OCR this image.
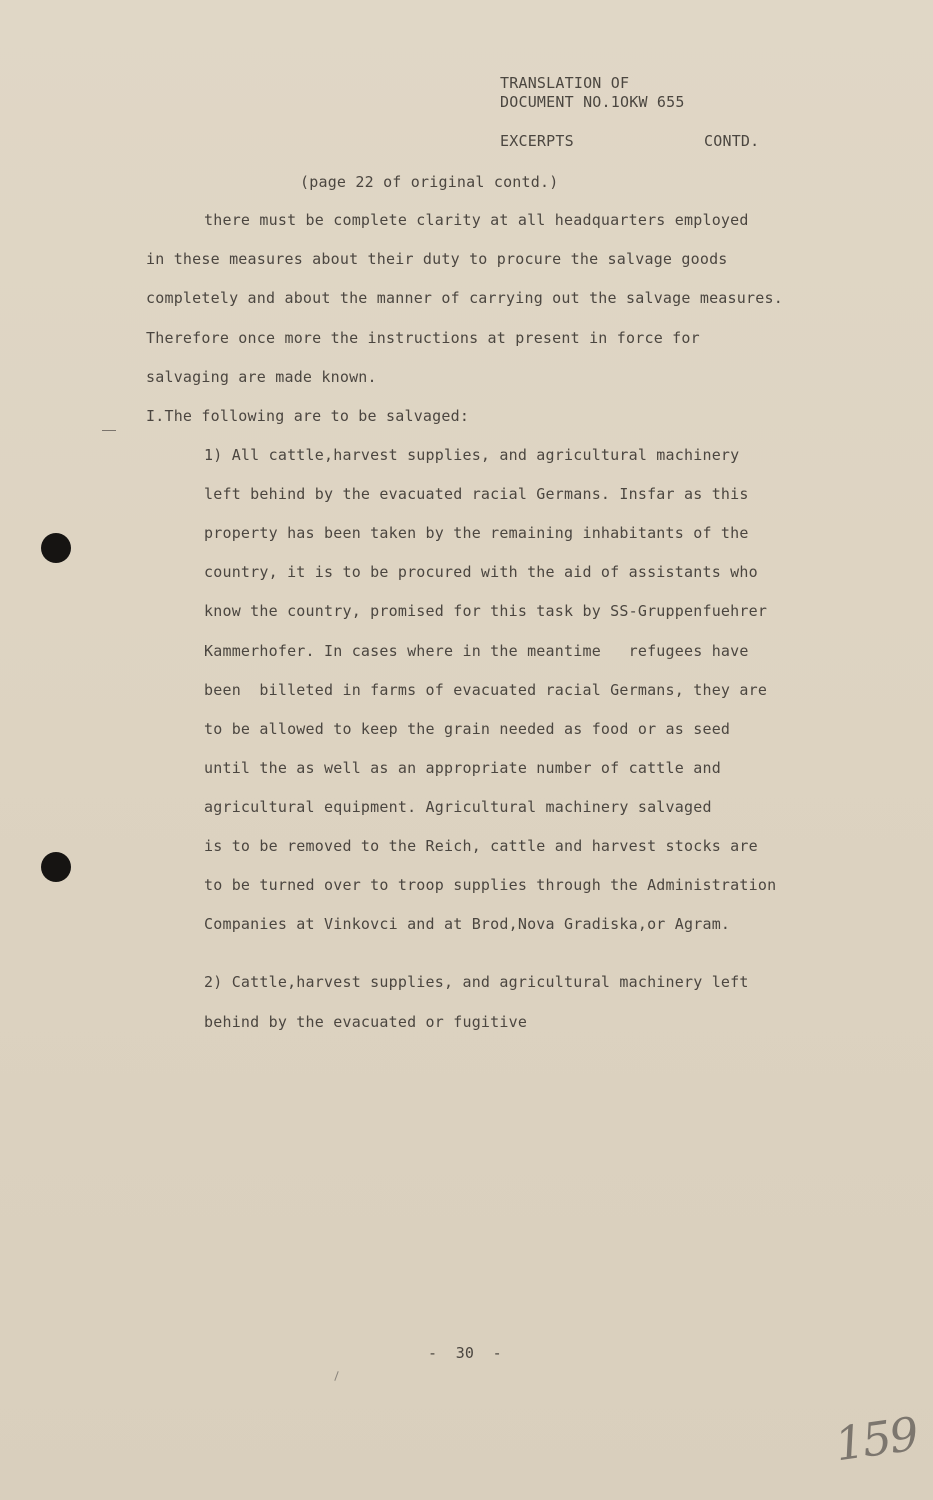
TRANSLATION OF
DOCUMENT NO.1OKW 655
EXCERPTS	CONTD.
(page 22 of original contd.)
there must be complete clarity at all headquarters employed
in these measures about their duty to procure the salvage goods
completely and about the manner of carrying out the salvage measures.
Therefore once more the instructions at present in force for
salvaging are made known.
I.The following are to be salvaged:
1) All cattle,harvest supplies, and agricultural machinery
left behind by the evacuated racial Germans. Insfar as this
property has been taken by the remaining inhabitants of the
country, it is to be procured with the aid of assistants who
know the country, promised for this task by SS-Gruppenfuehrer
Kammerhofer. In cases where in the meantime   refugees have
been  billeted in farms of evacuated racial Germans, they are
to be allowed to keep the grain needed as food or as seed
until the as well as an appropriate number of cattle and
agricultural equipment. Agricultural machinery salvaged
is to be removed to the Reich, cattle and harvest stocks are
to be turned over to troop supplies through the Administration
Companies at Vinkovci and at Brod,Nova Gradiska,or Agram.
2) Cattle,harvest supplies, and agricultural machinery left
behind by the evacuated or fugitive
-  30  -
159
